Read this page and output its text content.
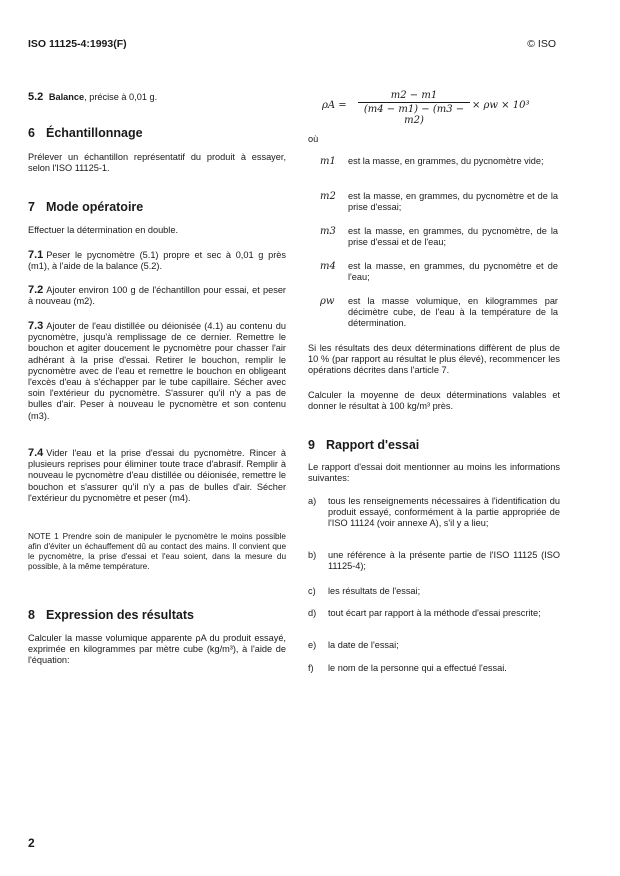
ISO 11125-4:1993(F)	© ISO
5.2 Balance, précise à 0,01 g.
6 Échantillonnage

Prélever un échantillon représentatif du produit à essayer, selon l'ISO 11125-1.

7 Mode opératoire

Effectuer la détermination en double.

7.1 Peser le pycnomètre (5.1) propre et sec à 0,01 g près (m1), à l'aide de la balance (5.2).

7.2 Ajouter environ 100 g de l'échantillon pour essai, et peser à nouveau (m2).

7.3 Ajouter de l'eau distillée ou déionisée (4.1) au contenu du pycnomètre, jusqu'à remplissage de ce dernier. Remettre le bouchon et agiter doucement le pycnomètre pour chasser l'air adhérant à la prise d'essai. Retirer le bouchon, remplir le pycnomètre avec de l'eau et remettre le bouchon en obligeant l'excès d'eau à s'échapper par le tube capillaire. Sécher avec soin l'extérieur du pycnomètre. S'assurer qu'il n'y a pas de bulles d'air. Peser à nouveau le pycnomètre et son contenu (m3).

7.4 Vider l'eau et la prise d'essai du pycnomètre. Rincer à plusieurs reprises pour éliminer toute trace d'abrasif. Remplir à nouveau le pycnomètre d'eau distillée ou déionisée, remettre le bouchon et s'assurer qu'il n'y a pas de bulles d'air. Sécher l'extérieur du pycnomètre et peser (m4).

NOTE 1 Prendre soin de manipuler le pycnomètre le moins possible afin d'éviter un échauffement dû au contact des mains. Il convient que le pycnomètre, la prise d'essai et l'eau soient, dans la mesure du possible, à la même température.

8 Expression des résultats

Calculer la masse volumique apparente ρA du produit essayé, exprimée en kilogrammes par mètre cube (kg/m³), à l'aide de l'équation:

$\rho A = \frac{m2 - m1}{(m4 - m1) - (m3 - m2)} \times \rho w \times 10^3$
où
m1 est la masse, en grammes, du pycnomètre vide;

m2 est la masse, en grammes, du pycnomètre et de la prise d'essai;

m3 est la masse, en grammes, du pycnomètre, de la prise d'essai et de l'eau;

m4 est la masse, en grammes, du pycnomètre et de l'eau;

ρw est la masse volumique, en kilogrammes par décimètre cube, de l'eau à la température de la détermination.

Si les résultats des deux déterminations diffèrent de plus de 10 % (par rapport au résultat le plus élevé), recommencer les opérations décrites dans l'article 7.

Calculer la moyenne de deux déterminations valables et donner le résultat à 100 kg/m³ près.

9 Rapport d'essai

Le rapport d'essai doit mentionner au moins les informations suivantes:

a) tous les renseignements nécessaires à l'identification du produit essayé, conformément à la partie appropriée de l'ISO 11124 (voir annexe A), s'il y a lieu;

b) une référence à la présente partie de l'ISO 11125 (ISO 11125-4);

c) les résultats de l'essai;

d) tout écart par rapport à la méthode d'essai prescrite;

e) la date de l'essai;

f) le nom de la personne qui a effectué l'essai.

2
